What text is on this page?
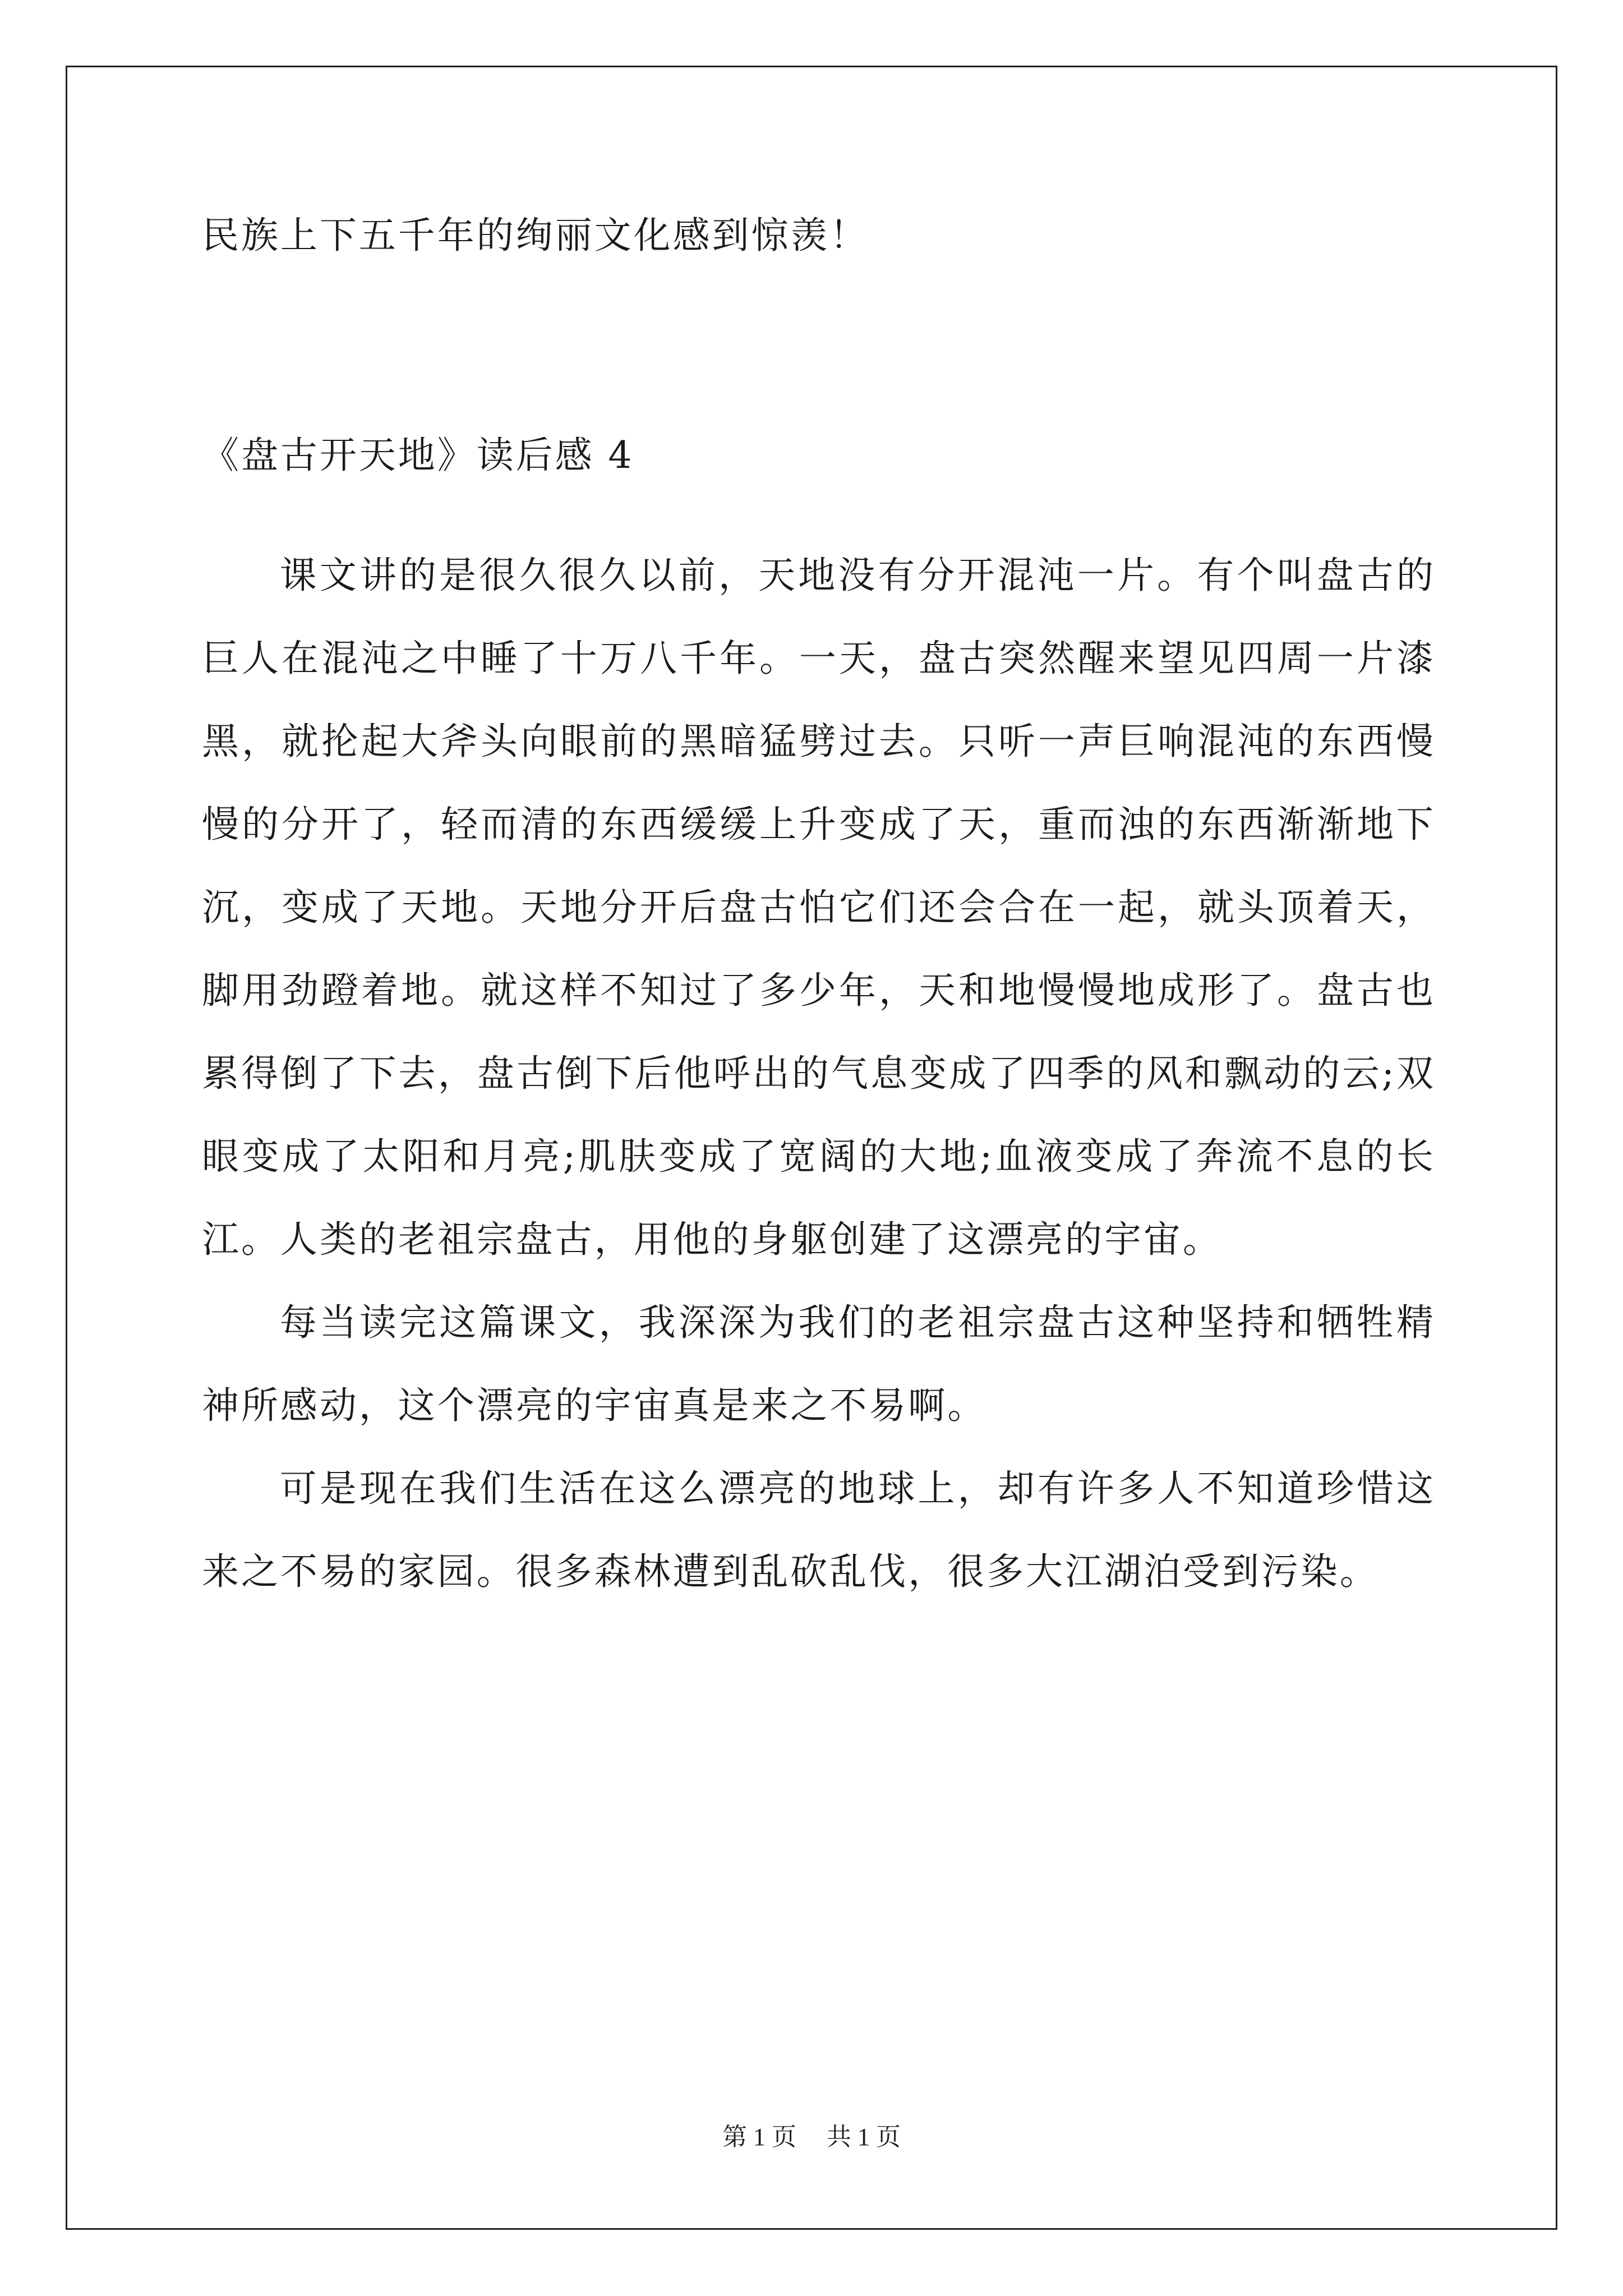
民族上下五千年的绚丽文化感到惊羡！

《盘古开天地》读后感 4

课文讲的是很久很久以前，天地没有分开混沌一片。有个叫盘古的巨人在混沌之中睡了十万八千年。一天，盘古突然醒来望见四周一片漆黑，就抡起大斧头向眼前的黑暗猛劈过去。只听一声巨响混沌的东西慢慢的分开了，轻而清的东西缓缓上升变成了天，重而浊的东西渐渐地下沉，变成了天地。天地分开后盘古怕它们还会合在一起，就头顶着天，脚用劲蹬着地。就这样不知过了多少年，天和地慢慢地成形了。盘古也累得倒了下去，盘古倒下后他呼出的气息变成了四季的风和飘动的云;双眼变成了太阳和月亮;肌肤变成了宽阔的大地;血液变成了奔流不息的长江。人类的老祖宗盘古，用他的身躯创建了这漂亮的宇宙。

每当读完这篇课文，我深深为我们的老祖宗盘古这种坚持和牺牲精神所感动，这个漂亮的宇宙真是来之不易啊。

可是现在我们生活在这么漂亮的地球上，却有许多人不知道珍惜这来之不易的家园。很多森林遭到乱砍乱伐，很多大江湖泊受到污染。

第 1 页 共 1 页
